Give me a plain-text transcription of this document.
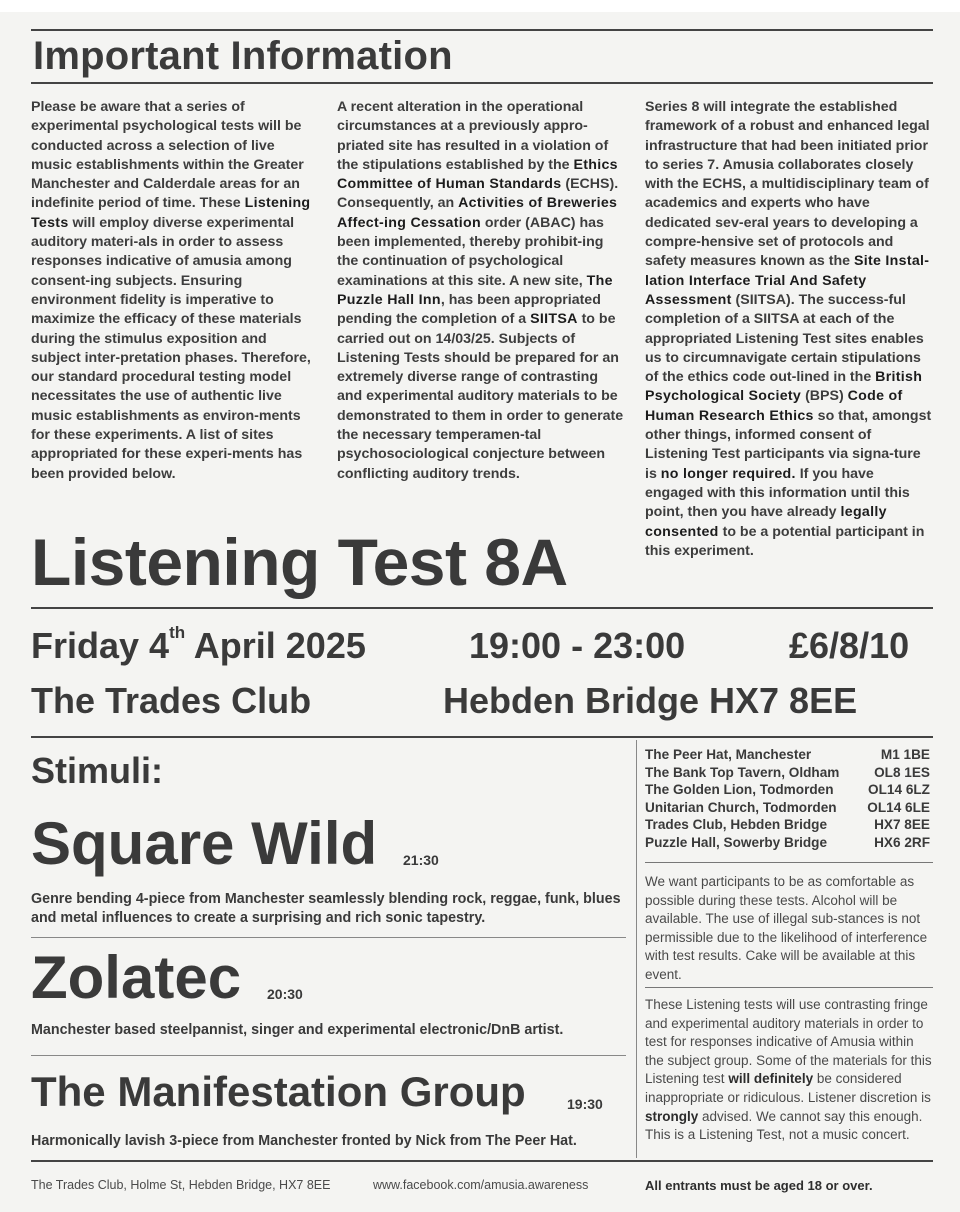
Important Information

Please be aware that a series of experimental psychological tests will be conducted across a selection of live music establishments within the Greater Manchester and Calderdale areas for an indefinite period of time. These Listening Tests will employ diverse experimental auditory materi-als in order to assess responses indicative of amusia among consent-ing subjects. Ensuring environment fidelity is imperative to maximize the efficacy of these materials during the stimulus exposition and subject inter-pretation phases. Therefore, our standard procedural testing model necessitates the use of authentic live music establishments as environ-ments for these experiments. A list of sites appropriated for these experi-ments has been provided below.

A recent alteration in the operational circumstances at a previously appro-priated site has resulted in a violation of the stipulations established by the Ethics Committee of Human Standards (ECHS). Consequently, an Activities of Breweries Affect-ing Cessation order (ABAC) has been implemented, thereby prohibit-ing the continuation of psychological examinations at this site. A new site, The Puzzle Hall Inn, has been appropriated pending the completion of a SIITSA to be carried out on 14/03/25. Subjects of Listening Tests should be prepared for an extremely diverse range of contrasting and experimental auditory materials to be demonstrated to them in order to generate the necessary temperamen-tal psychosociological conjecture between conflicting auditory trends.

Series 8 will integrate the established framework of a robust and enhanced legal infrastructure that had been initiated prior to series 7. Amusia collaborates closely with the ECHS, a multidisciplinary team of academics and experts who have dedicated sev-eral years to developing a compre-hensive set of protocols and safety measures known as the Site Instal-lation Interface Trial And Safety Assessment (SIITSA). The success-ful completion of a SIITSA at each of the appropriated Listening Test sites enables us to circumnavigate certain stipulations of the ethics code out-lined in the British Psychological Society (BPS) Code of Human Research Ethics so that, amongst other things, informed consent of Listening Test participants via signa-ture is no longer required. If you have engaged with this information until this point, then you have already legally consented to be a potential participant in this experiment.

Listening Test 8A
Friday 4th April 2025	19:00 - 23:00	£6/8/10
The Trades Club	Hebden Bridge HX7 8EE
Stimuli:
Square Wild 21:30
Genre bending 4-piece from Manchester seamlessly blending rock, reggae, funk, blues and metal influences to create a surprising and rich sonic tapestry.
Zolatec 20:30
Manchester based steelpannist, singer and experimental electronic/DnB artist.
The Manifestation Group	19:30
Harmonically lavish 3-piece from Manchester fronted by Nick from The Peer Hat.
The Peer Hat, Manchester	M1 1BE
The Bank Top Tavern, Oldham	OL8 1ES
The Golden Lion, Todmorden	OL14 6LZ
Unitarian Church, Todmorden OL14 6LE
Trades Club, Hebden Bridge	HX7 8EE
Puzzle Hall, Sowerby Bridge	HX6 2RF
We want participants to be as comfortable as possible during these tests. Alcohol will be available. The use of illegal sub-stances is not permissible due to the likelihood of interference with test results. Cake will be available at this event.
These Listening tests will use contrasting fringe and experimental auditory materials in order to test for responses indicative of Amusia within the subject group. Some of the materials for this Listening test will definitely be considered inappropriate or ridiculous. Listener discretion is strongly advised. We cannot say this enough. This is a Listening Test, not a music concert.
The Trades Club, Holme St, Hebden Bridge, HX7 8EE	www.facebook.com/amusia.awareness	All entrants must be aged 18 or over.
